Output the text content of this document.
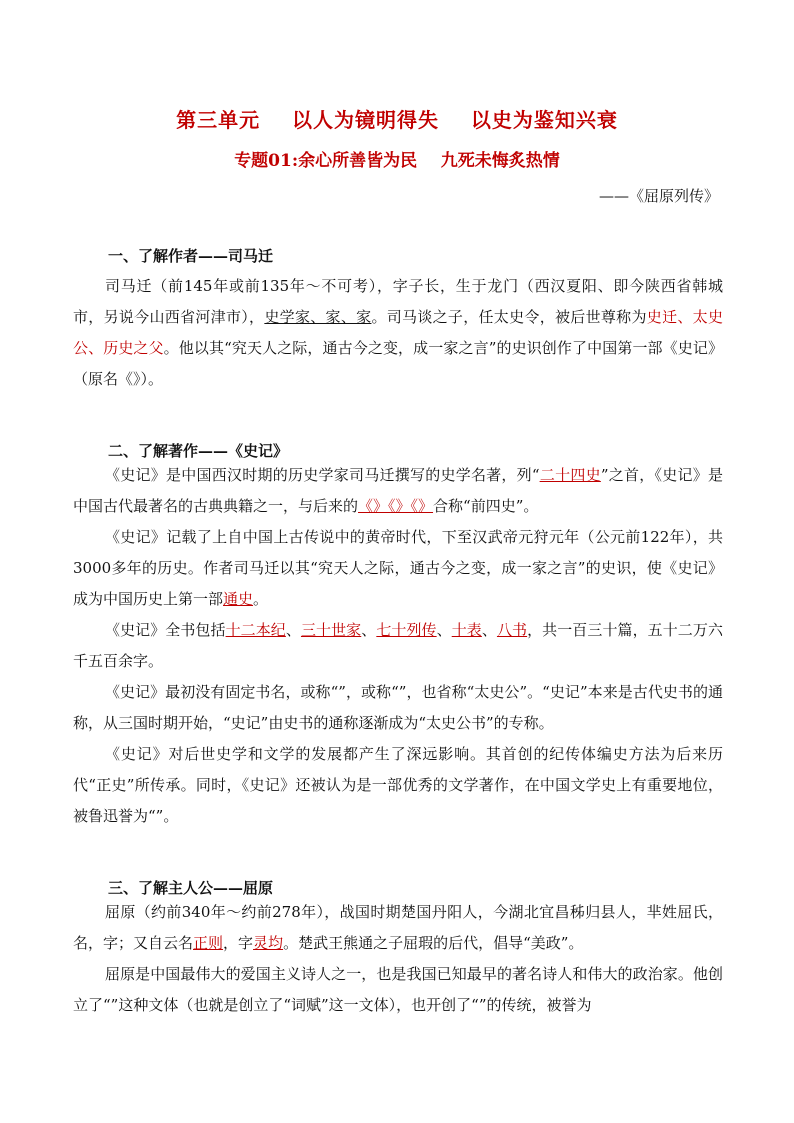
第三单元    以人为镜明得失    以史为鉴知兴衰
专题01:余心所善皆为民    九死未悔炙热情
——《屈原列传》
一、了解作者——司马迁

司马迁（前145年或前135年～不可考），字子长，生于龙门（西汉夏阳、即今陕西省韩城市，另说今山西省河津市），史学家、家、家。司马谈之子，任太史令，被后世尊称为史迁、太史公、历史之父。他以其“究天人之际，通古今之变，成一家之言”的史识创作了中国第一部《史记》（原名《》）。

二、了解著作——《史记》

《史记》是中国西汉时期的历史学家司马迁撰写的史学名著，列“二十四史”之首，《史记》是中国古代最著名的古典典籍之一，与后来的《》《》《》合称“前四史”。

《史记》记载了上自中国上古传说中的黄帝时代，下至汉武帝元狩元年（公元前122年），共3000多年的历史。作者司马迁以其“究天人之际，通古今之变，成一家之言”的史识，使《史记》成为中国历史上第一部通史。

《史记》全书包括十二本纪、三十世家、七十列传、十表、八书，共一百三十篇，五十二万六千五百余字。

《史记》最初没有固定书名，或称“”，或称“”，也省称“太史公”。“史记”本来是古代史书的通称，从三国时期开始，“史记”由史书的通称逐渐成为“太史公书”的专称。

《史记》对后世史学和文学的发展都产生了深远影响。其首创的纪传体编史方法为后来历代“正史”所传承。同时，《史记》还被认为是一部优秀的文学著作，在中国文学史上有重要地位，被鲁迅誉为“”。

三、了解主人公——屈原

屈原（约前340年～约前278年），战国时期楚国丹阳人，今湖北宜昌秭归县人，芈姓屈氏，名，字；又自云名正则，字灵均。楚武王熊通之子屈瑕的后代，倡导“美政”。

屈原是中国最伟大的爱国主义诗人之一，也是我国已知最早的著名诗人和伟大的政治家。他创立了“”这种文体（也就是创立了“词赋”这一文体），也开创了“”的传统，被誉为
